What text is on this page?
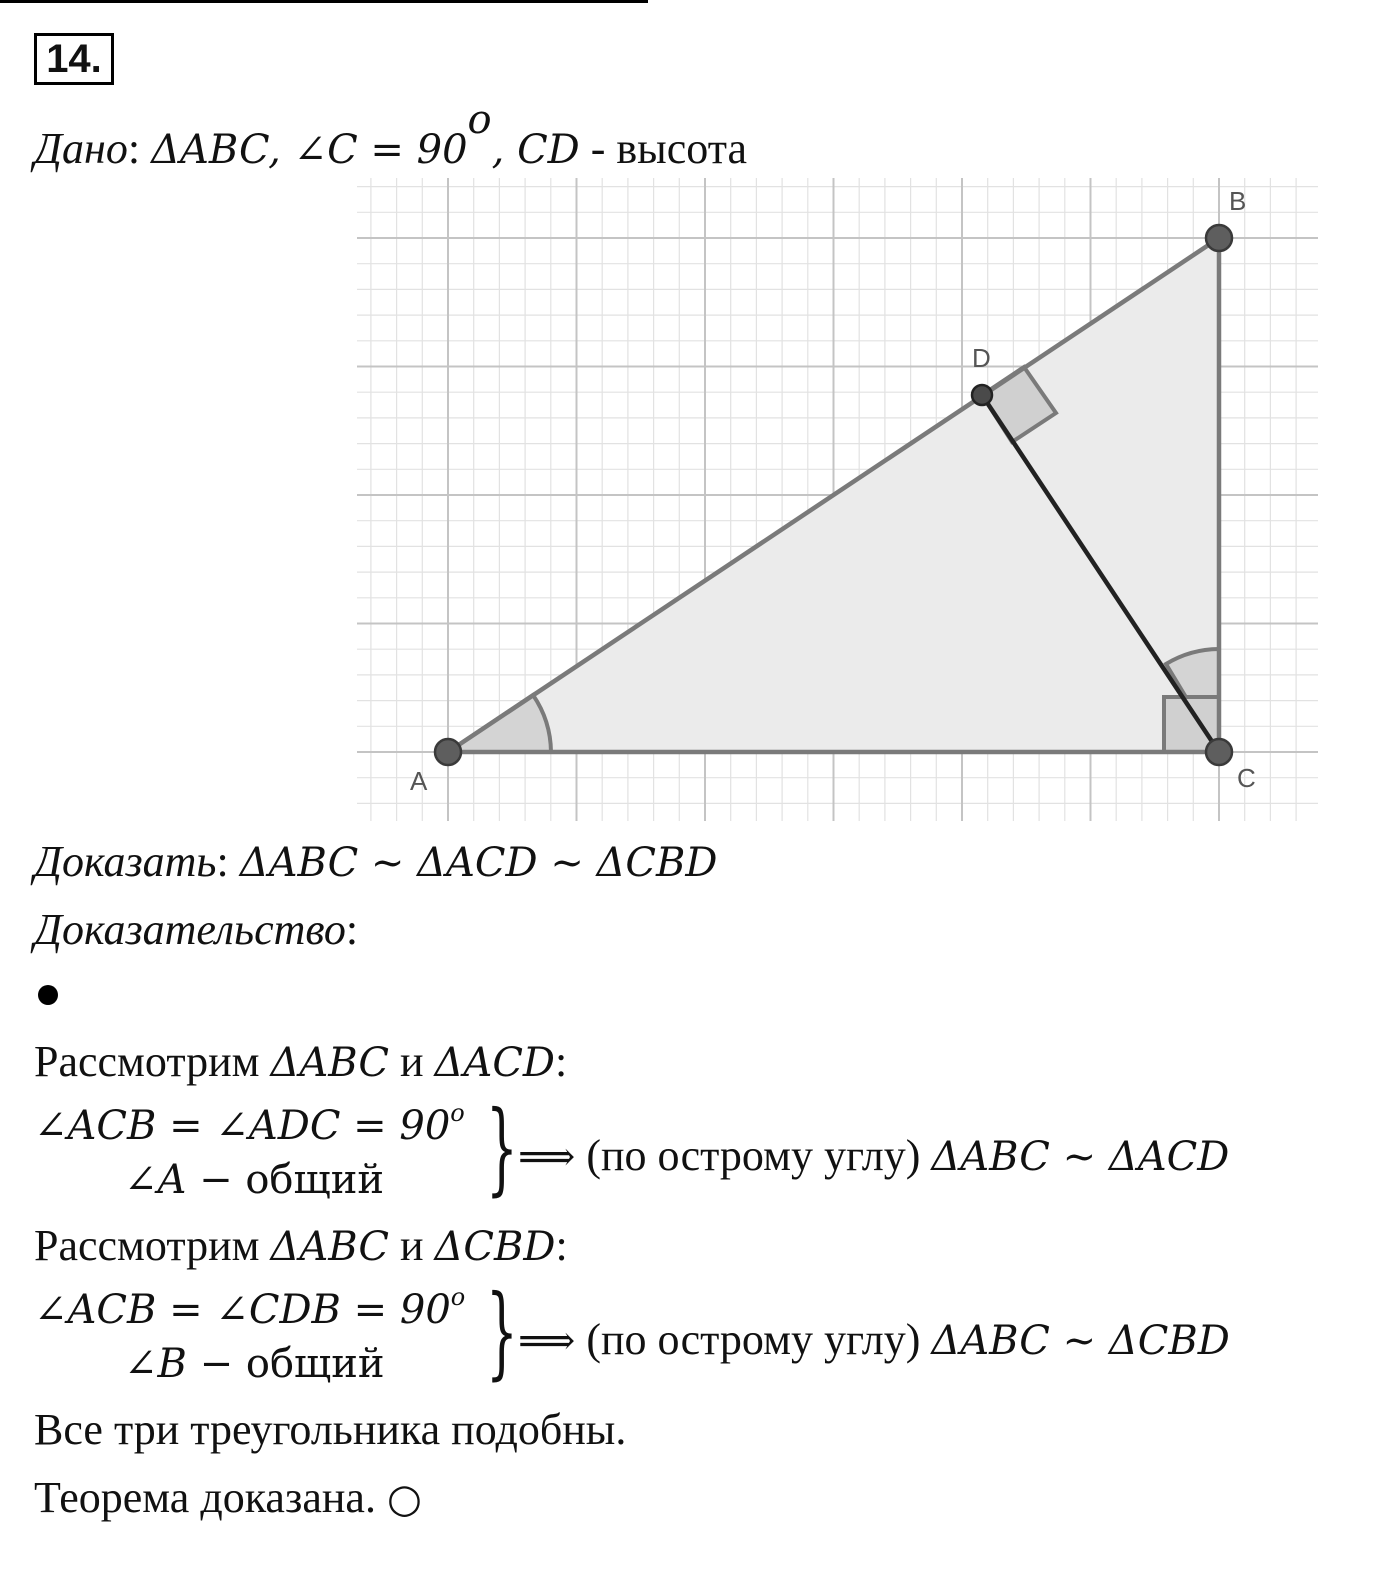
14.
Дано: ΔABC, ∠C = $90^o$, CD - высота
A
B
C
D
Доказать: ΔABC ~ ΔACD ~ ΔCBD
Доказательство:
Рассмотрим ΔABC и ΔACD:
∠ACB = ∠ADC = $90^o$
∠A − общий } ⟹ (по острому углу) ΔABC ~ ΔACD
Рассмотрим ΔABC и ΔCBD:
∠ACB = ∠CDB = $90^o$
∠B − общий } ⟹ (по острому углу) ΔABC ~ ΔCBD
Все три треугольника подобны.
Теорема доказана. ○
